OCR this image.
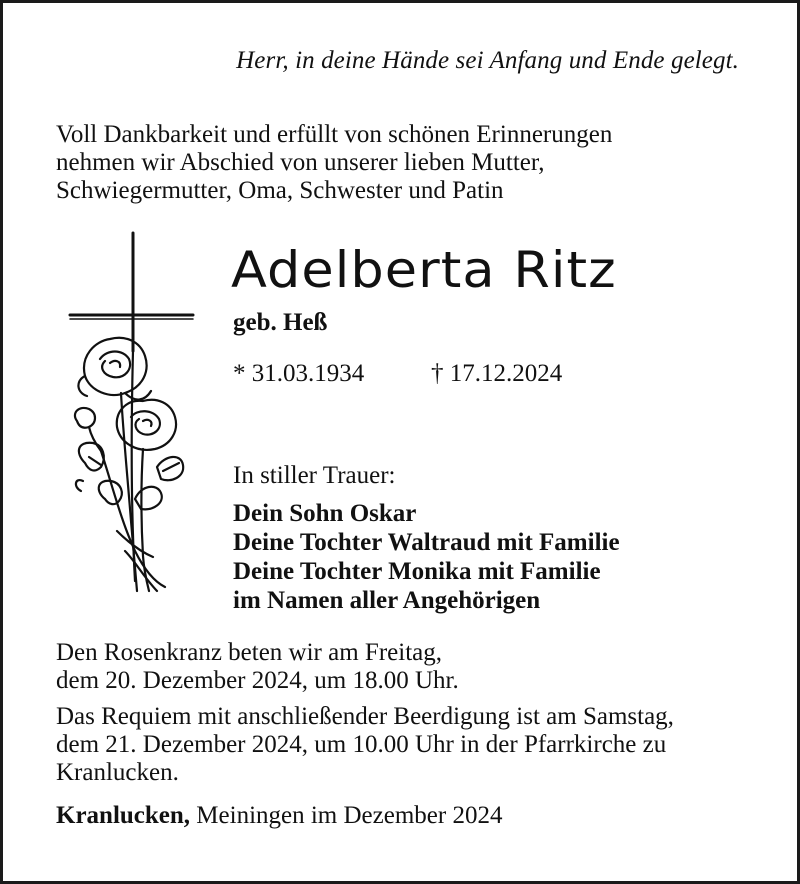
Herr, in deine Hände sei Anfang und Ende gelegt.
Voll Dankbarkeit und erfüllt von schönen Erinnerungen
nehmen wir Abschied von unserer lieben Mutter,
Schwiegermutter, Oma, Schwester und Patin
Adelberta Ritz
geb. Heß
* 31.03.1934	† 17.12.2024
In stiller Trauer:
Dein Sohn Oskar
Deine Tochter Waltraud mit Familie
Deine Tochter Monika mit Familie
im Namen aller Angehörigen
Den Rosenkranz beten wir am Freitag,
dem 20. Dezember 2024, um 18.00 Uhr.
Das Requiem mit anschließender Beerdigung ist am Samstag,
dem 21. Dezember 2024, um 10.00 Uhr in der Pfarrkirche zu
Kranlucken.
Kranlucken, Meiningen im Dezember 2024
